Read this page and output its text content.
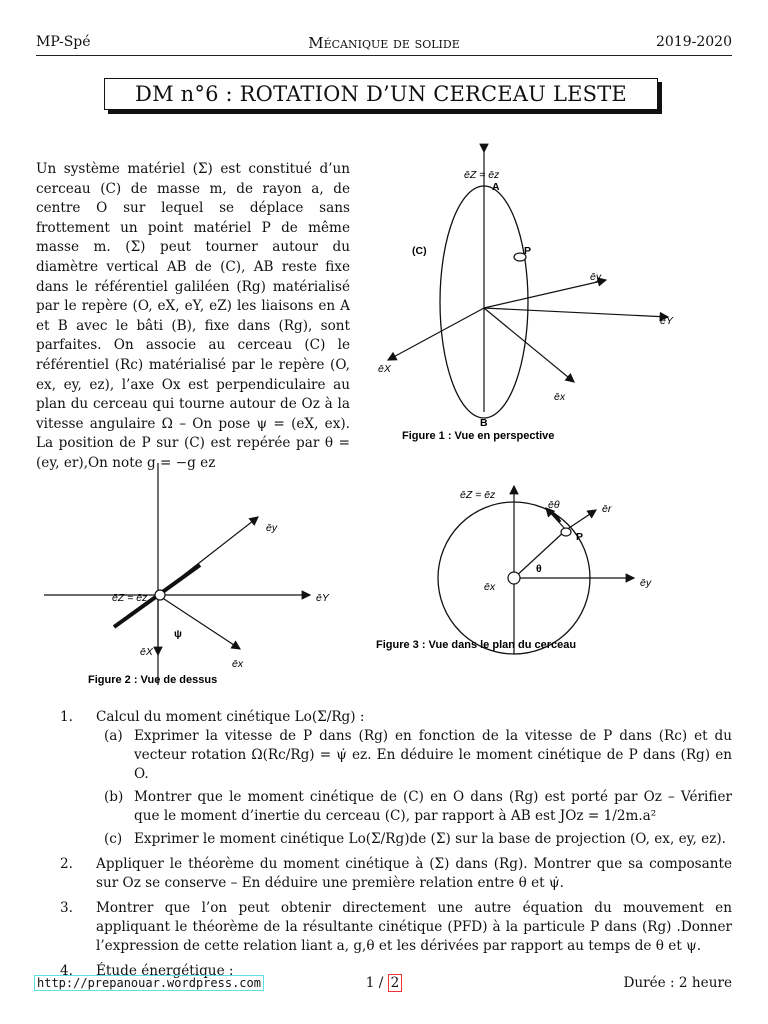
MP-Spé	Mécanique de solide	2019-2020
DM n°6 : ROTATION D’UN CERCEAU LESTE

Un système matériel (Σ) est constitué d’un cerceau (C) de masse m, de rayon a, de centre O sur lequel se déplace sans frottement un point matériel P de même masse m. (Σ) peut tourner autour du diamètre vertical AB de (C), AB reste fixe dans le référentiel galiléen (Rg) matérialisé par le repère (O, eX, eY, eZ) les liaisons en A et B avec le bâti (B), fixe dans (Rg), sont parfaites. On associe au cerceau (C) le référentiel (Rc) matérialisé par le repère (O, ex, ey, ez), l’axe Ox est perpendiculaire au plan du cerceau qui tourne autour de Oz à la vitesse angulaire Ω – On pose ψ = (eX, ex). La position de P sur (C) est repérée par θ = (ey, er),On note g = −g ez

ēZ = ēz
A
B
(C)	P
ēy
ēY
ēX
ēx
Figure 1 : Vue en perspective
ēZ = ēz
ēy
ēY
ēX
ēx
ψ
Figure 2 : Vue de dessus
ēZ = ēz
ēθ	ēr
P
θ
ēx	ēy
Figure 3 : Vue dans le plan du cerceau
1. Calcul du moment cinétique Lo(Σ/Rg) :
(a) Exprimer la vitesse de P dans (Rg) en fonction de la vitesse de P dans (Rc) et du vecteur rotation Ω(Rc/Rg) = ψ̇ ez. En déduire le moment cinétique de P dans (Rg) en O.
(b) Montrer que le moment cinétique de (C) en O dans (Rg) est porté par Oz – Vérifier que le moment d’inertie du cerceau (C), par rapport à AB est JOz = 1/2m.a²
(c) Exprimer le moment cinétique Lo(Σ/Rg)de (Σ) sur la base de projection (O, ex, ey, ez).
2. Appliquer le théorème du moment cinétique à (Σ) dans (Rg). Montrer que sa composante sur Oz se conserve – En déduire une première relation entre θ et ψ̇.
3. Montrer que l’on peut obtenir directement une autre équation du mouvement en appliquant le théorème de la résultante cinétique (PFD) à la particule P dans (Rg) .Donner l’expression de cette relation liant a, g,θ et les dérivées par rapport au temps de θ et ψ.
4. Étude énergétique :
http://prepanouar.wordpress.com	1 / 2	Durée : 2 heure
